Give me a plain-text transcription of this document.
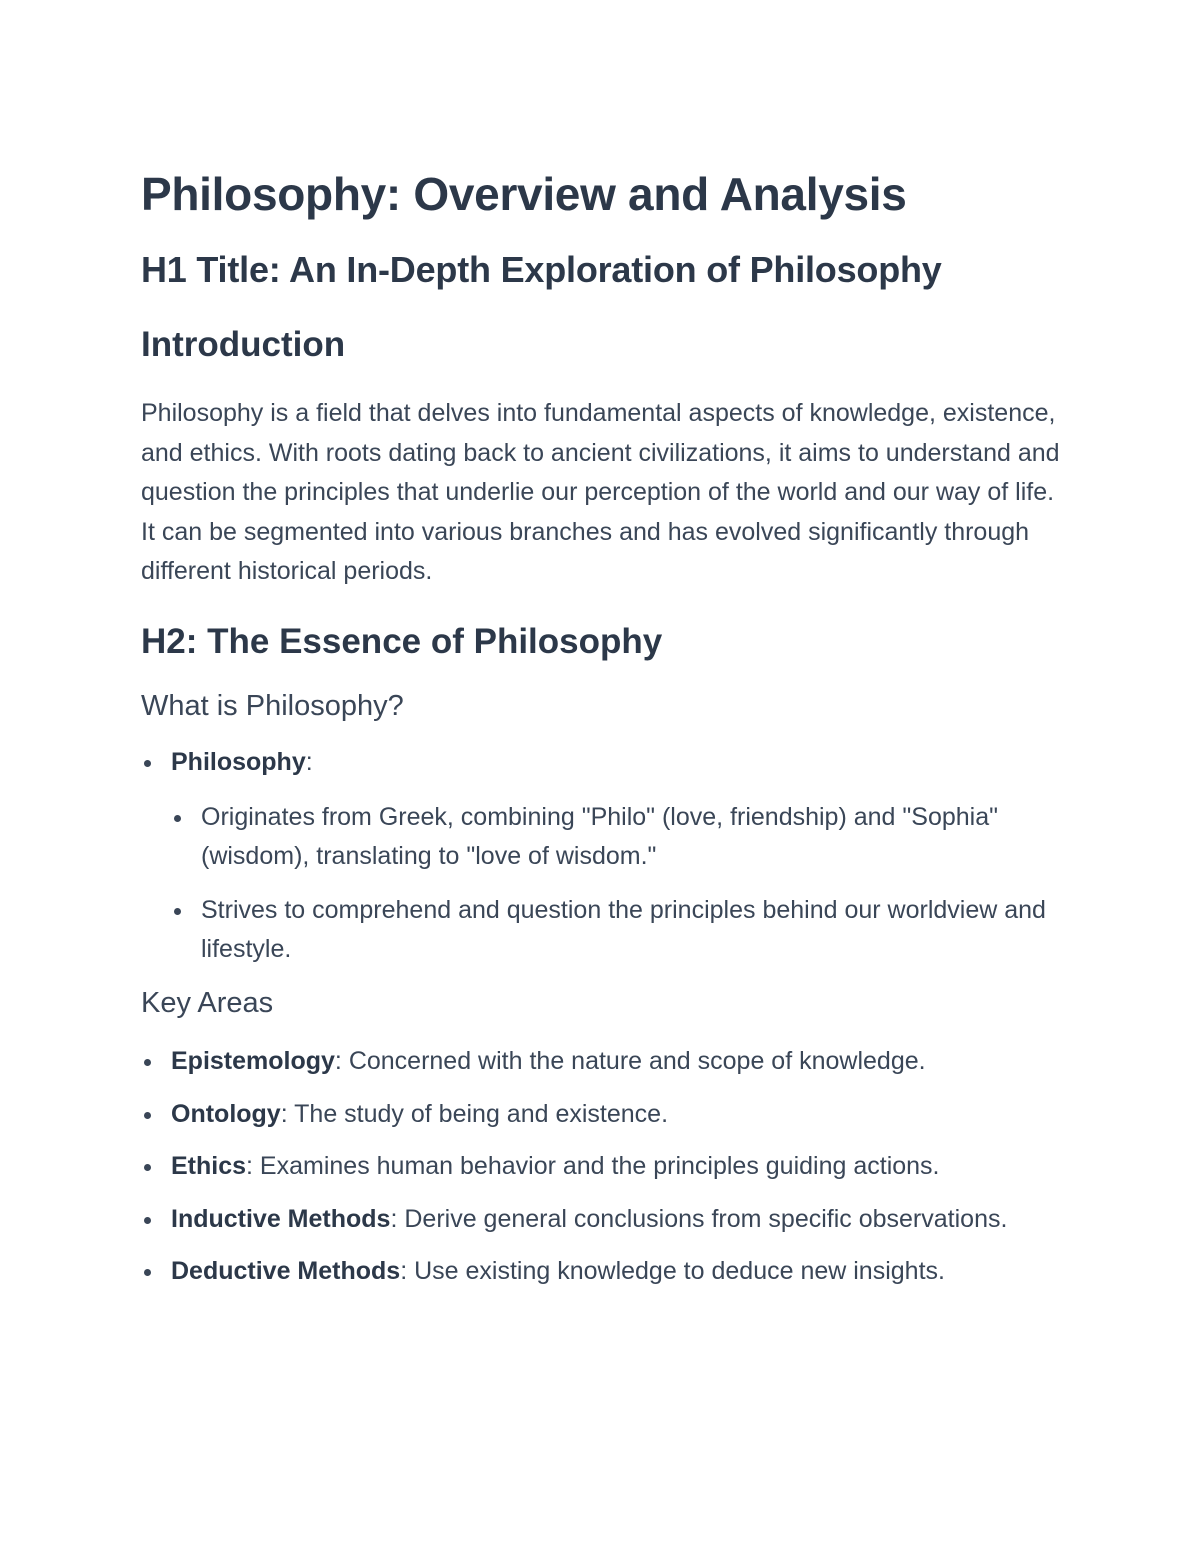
Philosophy: Overview and Analysis
H1 Title: An In-Depth Exploration of Philosophy
Introduction

Philosophy is a field that delves into fundamental aspects of knowledge, existence, and ethics. With roots dating back to ancient civilizations, it aims to understand and question the principles that underlie our perception of the world and our way of life. It can be segmented into various branches and has evolved significantly through different historical periods.

H2: The Essence of Philosophy
What is Philosophy?
Philosophy:
Originates from Greek, combining "Philo" (love, friendship) and "Sophia" (wisdom), translating to "love of wisdom."
Strives to comprehend and question the principles behind our worldview and lifestyle.
Key Areas
Epistemology: Concerned with the nature and scope of knowledge.
Ontology: The study of being and existence.
Ethics: Examines human behavior and the principles guiding actions.
Inductive Methods: Derive general conclusions from specific observations.
Deductive Methods: Use existing knowledge to deduce new insights.
